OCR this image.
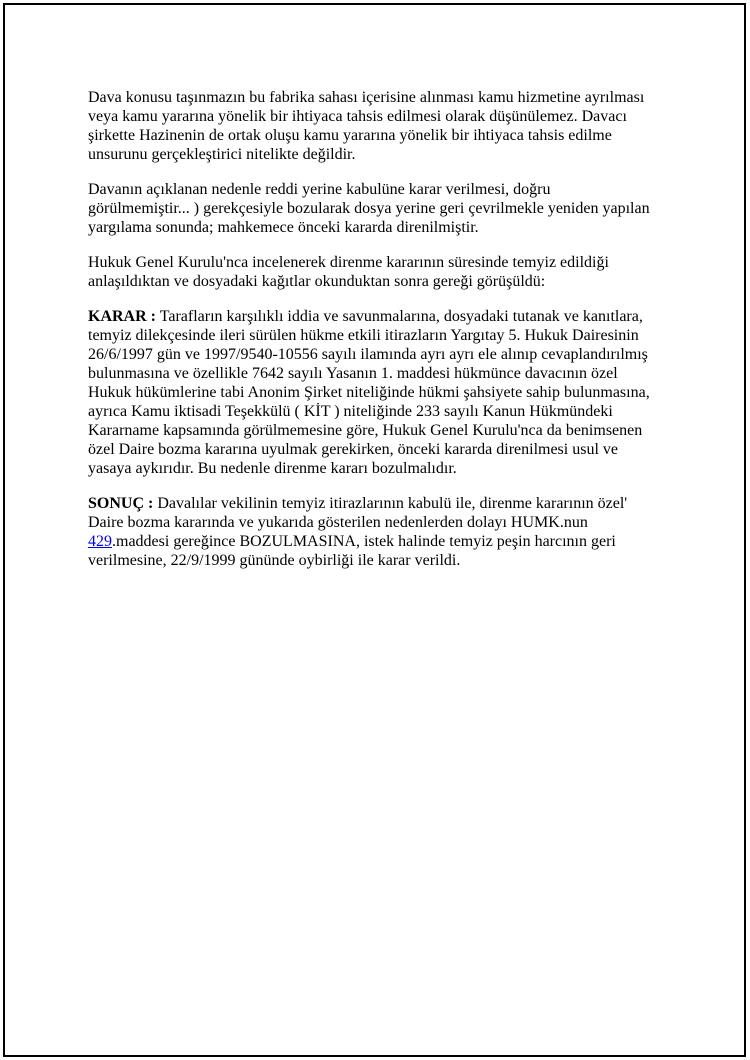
Dava konusu taşınmazın bu fabrika sahası içerisine alınması kamu hizmetine ayrılması veya kamu yararına yönelik bir ihtiyaca tahsis edilmesi olarak düşünülemez. Davacı şirkette Hazinenin de ortak oluşu kamu yararına yönelik bir ihtiyaca tahsis edilme unsurunu gerçekleştirici nitelikte değildir.

Davanın açıklanan nedenle reddi yerine kabulüne karar verilmesi, doğru görülmemiştir... ) gerekçesiyle bozularak dosya yerine geri çevrilmekle yeniden yapılan yargılama sonunda; mahkemece önceki kararda direnilmiştir.

Hukuk Genel Kurulu'nca incelenerek direnme kararının süresinde temyiz edildiği anlaşıldıktan ve dosyadaki kağıtlar okunduktan sonra gereği görüşüldü:

KARAR : Tarafların karşılıklı iddia ve savunmalarına, dosyadaki tutanak ve kanıtlara, temyiz dilekçesinde ileri sürülen hükme etkili itirazların Yargıtay 5. Hukuk Dairesinin 26/6/1997 gün ve 1997/9540-10556 sayılı ilamında ayrı ayrı ele alınıp cevaplandırılmış bulunmasına ve özellikle 7642 sayılı Yasanın 1. maddesi hükmünce davacının özel Hukuk hükümlerine tabi Anonim Şirket niteliğinde hükmi şahsiyete sahip bulunmasına, ayrıca Kamu iktisadi Teşekkülü ( KİT ) niteliğinde 233 sayılı Kanun Hükmündeki Kararname kapsamında görülmemesine göre, Hukuk Genel Kurulu'nca da benimsenen özel Daire bozma kararına uyulmak gerekirken, önceki kararda direnilmesi usul ve yasaya aykırıdır. Bu nedenle direnme kararı bozulmalıdır.

SONUÇ : Davalılar vekilinin temyiz itirazlarının kabulü ile, direnme kararının özel' Daire bozma kararında ve yukarıda gösterilen nedenlerden dolayı HUMK.nun 429.maddesi gereğince BOZULMASINA, istek halinde temyiz peşin harcının geri verilmesine, 22/9/1999 gününde oybirliği ile karar verildi.
